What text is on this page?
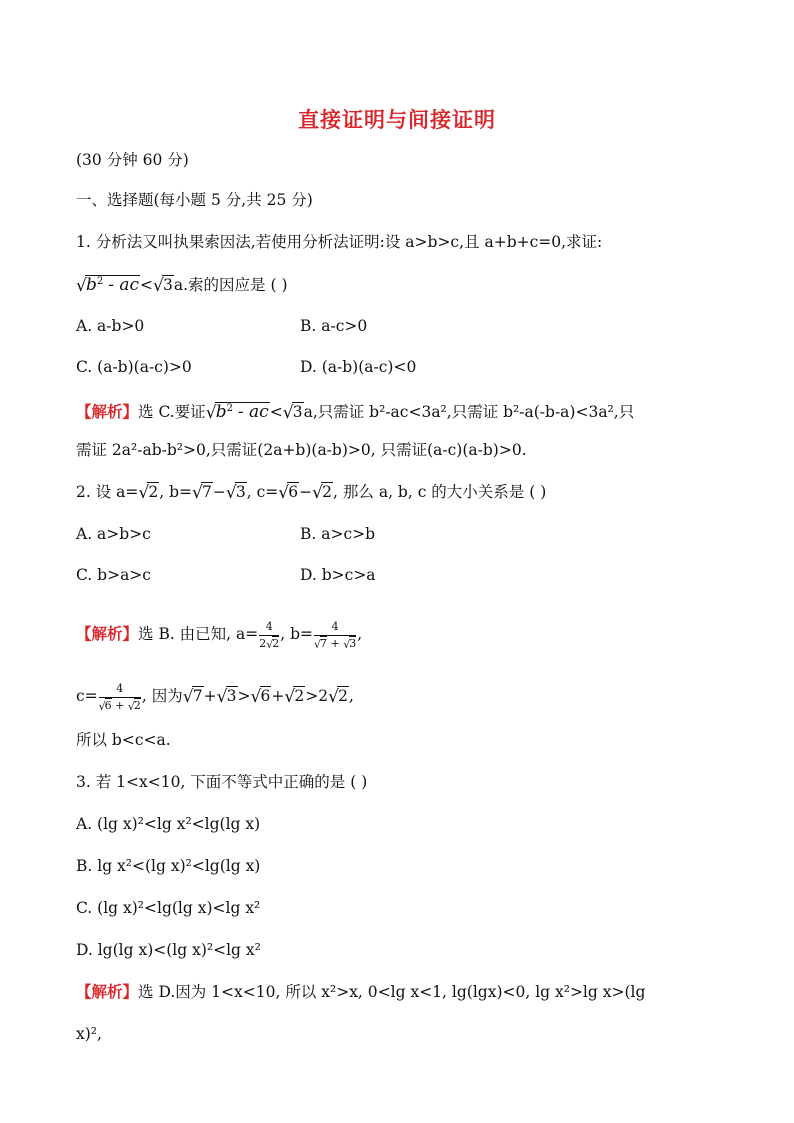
直接证明与间接证明
(30 分钟 60 分)
一、选择题(每小题 5 分,共 25 分)
1. 分析法又叫执果索因法,若使用分析法证明:设 a>b>c,且 a+b+c=0,求证:
√ $b^2 - ac<$ √ 3a.索的因应是 ( )
A. a-b>0	B. a-c>0
C. (a-b)(a-c)>0	D. (a-b)(a-c)<0
【解析】选 C.要证 √ $b^2 - ac<$ √ 3a,只需证 b²-ac<3a²,只需证 b²-a(-b-a)<3a²,只
需证 2a²-ab-b²>0,只需证(2a+b)(a-b)>0, 只需证(a-c)(a-b)>0.
2. 设 a= √ 2, b= √ 7− √ 3, c= √ 6− √ 2, 那么 a, b, c 的大小关系是 ( )
A. a>b>c	B. a>c>b
C. b>a>c	D. b>c>a
【解析】选 B. 由已知, $a= \frac{4}{2√ 2}$ , b= 4
√ 7 + √ 3 ,
c= 4
√ 6 + √ 2 , 因为 √ 7+ √ 3> √ 6+ √ 2>2 √ 2,
所以 b<c<a.
3. 若 1<x<10, 下面不等式中正确的是 ( )
A. (lg x)²<lg x²<lg(lg x)
B. lg x²<(lg x)²<lg(lg x)
C. (lg x)²<lg(lg x)<lg x²
D. lg(lg x)<(lg x)²<lg x²
【解析】选 D.因为 1<x<10, 所以 x²>x, 0<lg x<1, lg(lgx)<0, lg x²>lg x>(lg
x)²,
